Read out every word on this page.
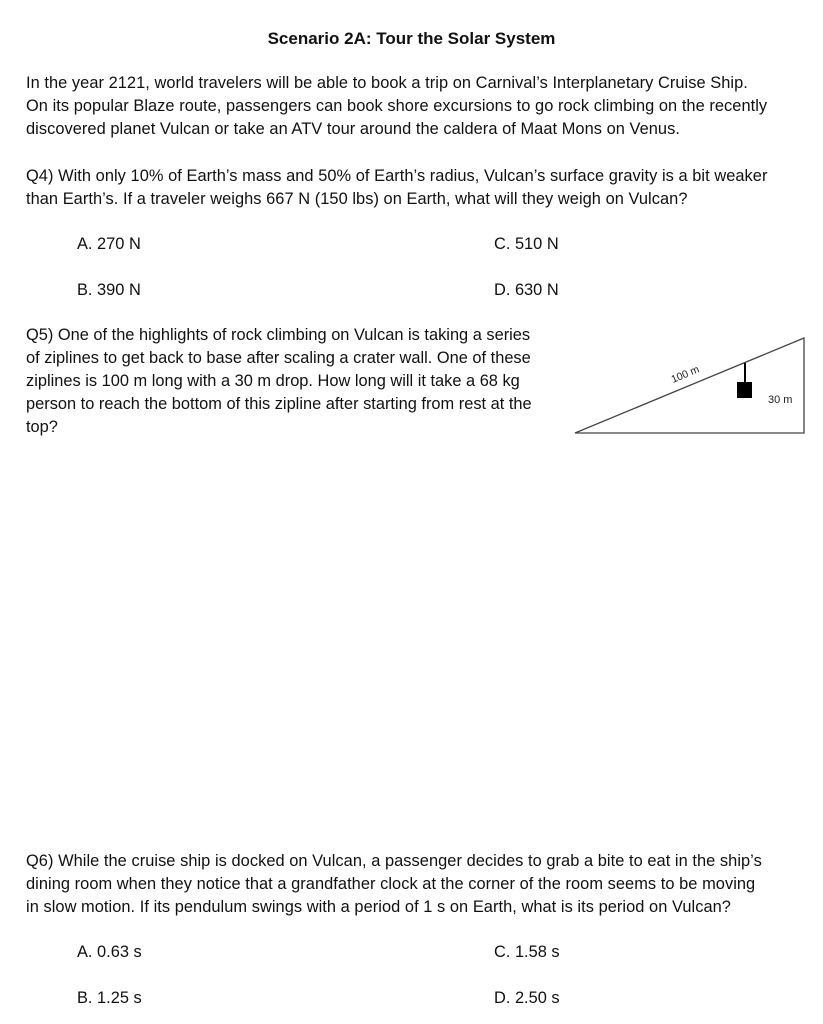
Scenario 2A: Tour the Solar System
In the year 2121, world travelers will be able to book a trip on Carnival’s Interplanetary Cruise Ship.
On its popular Blaze route, passengers can book shore excursions to go rock climbing on the recently
discovered planet Vulcan or take an ATV tour around the caldera of Maat Mons on Venus.
Q4) With only 10% of Earth’s mass and 50% of Earth’s radius, Vulcan’s surface gravity is a bit weaker
than Earth’s. If a traveler weighs 667 N (150 lbs) on Earth, what will they weigh on Vulcan?
A. 270 N	C. 510 N
B. 390 N	D. 630 N
Q5) One of the highlights of rock climbing on Vulcan is taking a series
of ziplines to get back to base after scaling a crater wall. One of these
ziplines is 100 m long with a 30 m drop. How long will it take a 68 kg
person to reach the bottom of this zipline after starting from rest at the
top?
100 m
30 m
Q6) While the cruise ship is docked on Vulcan, a passenger decides to grab a bite to eat in the ship’s
dining room when they notice that a grandfather clock at the corner of the room seems to be moving
in slow motion. If its pendulum swings with a period of 1 s on Earth, what is its period on Vulcan?
A. 0.63 s	C. 1.58 s
B. 1.25 s	D. 2.50 s
